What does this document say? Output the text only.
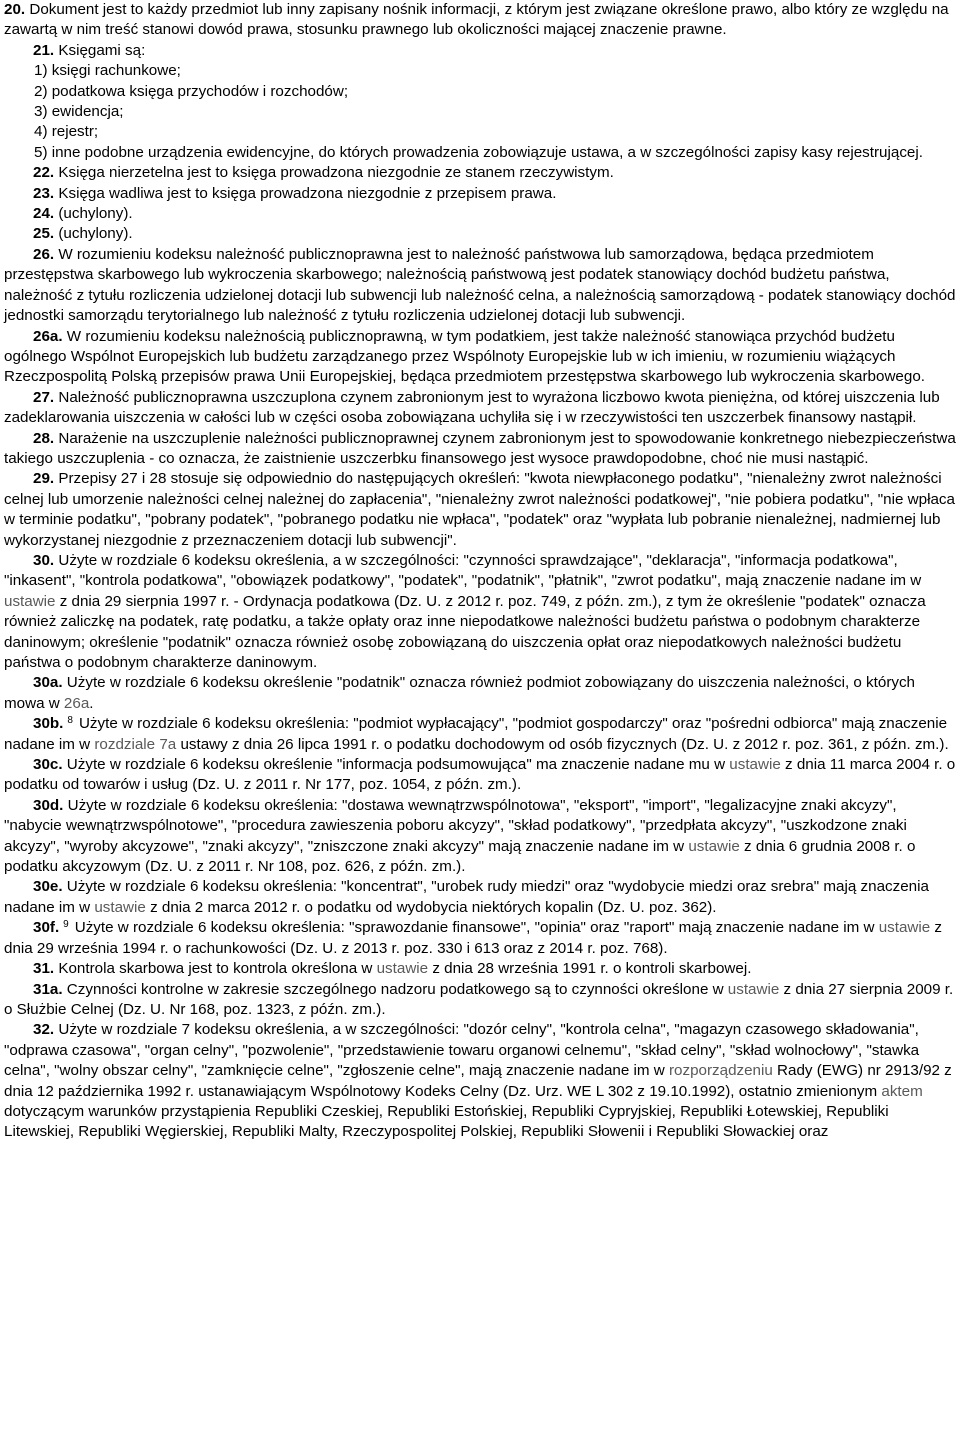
20. Dokument jest to każdy przedmiot lub inny zapisany nośnik informacji, z którym jest związane określone prawo, albo który ze względu na zawartą w nim treść stanowi dowód prawa, stosunku prawnego lub okoliczności mającej znaczenie prawne.

21. Księgami są:

1) księgi rachunkowe;

2) podatkowa księga przychodów i rozchodów;

3) ewidencja;

4) rejestr;

5) inne podobne urządzenia ewidencyjne, do których prowadzenia zobowiązuje ustawa, a w szczególności zapisy kasy rejestrującej.

22. Księga nierzetelna jest to księga prowadzona niezgodnie ze stanem rzeczywistym.

23. Księga wadliwa jest to księga prowadzona niezgodnie z przepisem prawa.

24. (uchylony).

25. (uchylony).

26. W rozumieniu kodeksu należność publicznoprawna jest to należność państwowa lub samorządowa, będąca przedmiotem przestępstwa skarbowego lub wykroczenia skarbowego; należnością państwową jest podatek stanowiący dochód budżetu państwa, należność z tytułu rozliczenia udzielonej dotacji lub subwencji lub należność celna, a należnością samorządową - podatek stanowiący dochód jednostki samorządu terytorialnego lub należność z tytułu rozliczenia udzielonej dotacji lub subwencji.

26a. W rozumieniu kodeksu należnością publicznoprawną, w tym podatkiem, jest także należność stanowiąca przychód budżetu ogólnego Wspólnot Europejskich lub budżetu zarządzanego przez Wspólnoty Europejskie lub w ich imieniu, w rozumieniu wiążących Rzeczpospolitą Polską przepisów prawa Unii Europejskiej, będąca przedmiotem przestępstwa skarbowego lub wykroczenia skarbowego.

27. Należność publicznoprawna uszczuplona czynem zabronionym jest to wyrażona liczbowo kwota pieniężna, od której uiszczenia lub zadeklarowania uiszczenia w całości lub w części osoba zobowiązana uchyliła się i w rzeczywistości ten uszczerbek finansowy nastąpił.

28. Narażenie na uszczuplenie należności publicznoprawnej czynem zabronionym jest to spowodowanie konkretnego niebezpieczeństwa takiego uszczuplenia - co oznacza, że zaistnienie uszczerbku finansowego jest wysoce prawdopodobne, choć nie musi nastąpić.

29. Przepisy 27 i 28 stosuje się odpowiednio do następujących określeń: "kwota niewpłaconego podatku", "nienależny zwrot należności celnej lub umorzenie należności celnej należnej do zapłacenia", "nienależny zwrot należności podatkowej", "nie pobiera podatku", "nie wpłaca w terminie podatku", "pobrany podatek", "pobranego podatku nie wpłaca", "podatek" oraz "wypłata lub pobranie nienależnej, nadmiernej lub wykorzystanej niezgodnie z przeznaczeniem dotacji lub subwencji".

30. Użyte w rozdziale 6 kodeksu określenia, a w szczególności: "czynności sprawdzające", "deklaracja", "informacja podatkowa", "inkasent", "kontrola podatkowa", "obowiązek podatkowy", "podatek", "podatnik", "płatnik", "zwrot podatku", mają znaczenie nadane im w ustawie z dnia 29 sierpnia 1997 r. - Ordynacja podatkowa (Dz. U. z 2012 r. poz. 749, z późn. zm.), z tym że określenie "podatek" oznacza również zaliczkę na podatek, ratę podatku, a także opłaty oraz inne niepodatkowe należności budżetu państwa o podobnym charakterze daninowym; określenie "podatnik" oznacza również osobę zobowiązaną do uiszczenia opłat oraz niepodatkowych należności budżetu państwa o podobnym charakterze daninowym.

30a. Użyte w rozdziale 6 kodeksu określenie "podatnik" oznacza również podmiot zobowiązany do uiszczenia należności, o których mowa w 26a.

30b. $^8$ Użyte w rozdziale 6 kodeksu określenia: "podmiot wypłacający", "podmiot gospodarczy" oraz "pośredni odbiorca" mają znaczenie nadane im w rozdziale 7a ustawy z dnia 26 lipca 1991 r. o podatku dochodowym od osób fizycznych (Dz. U. z 2012 r. poz. 361, z późn. zm.).

30c. Użyte w rozdziale 6 kodeksu określenie "informacja podsumowująca" ma znaczenie nadane mu w ustawie z dnia 11 marca 2004 r. o podatku od towarów i usług (Dz. U. z 2011 r. Nr 177, poz. 1054, z późn. zm.).

30d. Użyte w rozdziale 6 kodeksu określenia: "dostawa wewnątrzwspólnotowa", "eksport", "import", "legalizacyjne znaki akcyzy", "nabycie wewnątrzwspólnotowe", "procedura zawieszenia poboru akcyzy", "skład podatkowy", "przedpłata akcyzy", "uszkodzone znaki akcyzy", "wyroby akcyzowe", "znaki akcyzy", "zniszczone znaki akcyzy" mają znaczenie nadane im w ustawie z dnia 6 grudnia 2008 r. o podatku akcyzowym (Dz. U. z 2011 r. Nr 108, poz. 626, z późn. zm.).

30e. Użyte w rozdziale 6 kodeksu określenia: "koncentrat", "urobek rudy miedzi" oraz "wydobycie miedzi oraz srebra" mają znaczenia nadane im w ustawie z dnia 2 marca 2012 r. o podatku od wydobycia niektórych kopalin (Dz. U. poz. 362).

30f. $^9$ Użyte w rozdziale 6 kodeksu określenia: "sprawozdanie finansowe", "opinia" oraz "raport" mają znaczenie nadane im w ustawie z dnia 29 września 1994 r. o rachunkowości (Dz. U. z 2013 r. poz. 330 i 613 oraz z 2014 r. poz. 768).

31. Kontrola skarbowa jest to kontrola określona w ustawie z dnia 28 września 1991 r. o kontroli skarbowej.

31a. Czynności kontrolne w zakresie szczególnego nadzoru podatkowego są to czynności określone w ustawie z dnia 27 sierpnia 2009 r. o Służbie Celnej (Dz. U. Nr 168, poz. 1323, z późn. zm.).

32. Użyte w rozdziale 7 kodeksu określenia, a w szczególności: "dozór celny", "kontrola celna", "magazyn czasowego składowania", "odprawa czasowa", "organ celny", "pozwolenie", "przedstawienie towaru organowi celnemu", "skład celny", "skład wolnocłowy", "stawka celna", "wolny obszar celny", "zamknięcie celne", "zgłoszenie celne", mają znaczenie nadane im w rozporządzeniu Rady (EWG) nr 2913/92 z dnia 12 października 1992 r. ustanawiającym Wspólnotowy Kodeks Celny (Dz. Urz. WE L 302 z 19.10.1992), ostatnio zmienionym aktem dotyczącym warunków przystąpienia Republiki Czeskiej, Republiki Estońskiej, Republiki Cypryjskiej, Republiki Łotewskiej, Republiki Litewskiej, Republiki Węgierskiej, Republiki Malty, Rzeczypospolitej Polskiej, Republiki Słowenii i Republiki Słowackiej oraz
